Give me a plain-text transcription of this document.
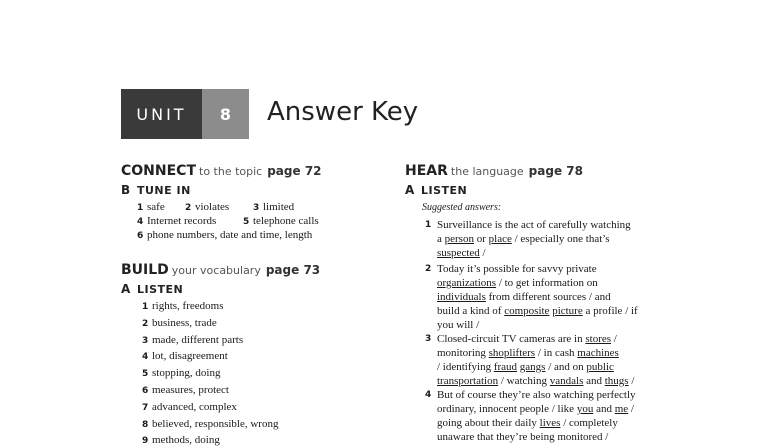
UNIT	8	Answer Key
CONNECT to the topic page 72
B TUNE IN
1 safe 2 violates	3 limited
4 Internet records	5 telephone calls
6 phone numbers, date and time, length
BUILD your vocabulary page 73
A LISTEN
1 rights, freedoms
2 business, trade
3 made, different parts
4 lot, disagreement
5 stopping, doing
6 measures, protect
7 advanced, complex
8 believed, responsible, wrong
9 methods, doing
HEAR the language page 78
A LISTEN
Suggested answers:
1 Surveillance is the act of carefully watching
a person or place / especially one that’s
suspected /
2 Today it’s possible for savvy private
organizations / to get information on
individuals from different sources / and
build a kind of composite picture a profile / if
you will /
3 Closed-circuit TV cameras are in stores /
monitoring shoplifters / in cash machines
/ identifying fraud gangs / and on public
transportation / watching vandals and thugs /
4 But of course they’re also watching perfectly
ordinary, innocent people / like you and me /
going about their daily lives / completely
unaware that they’re being monitored /
